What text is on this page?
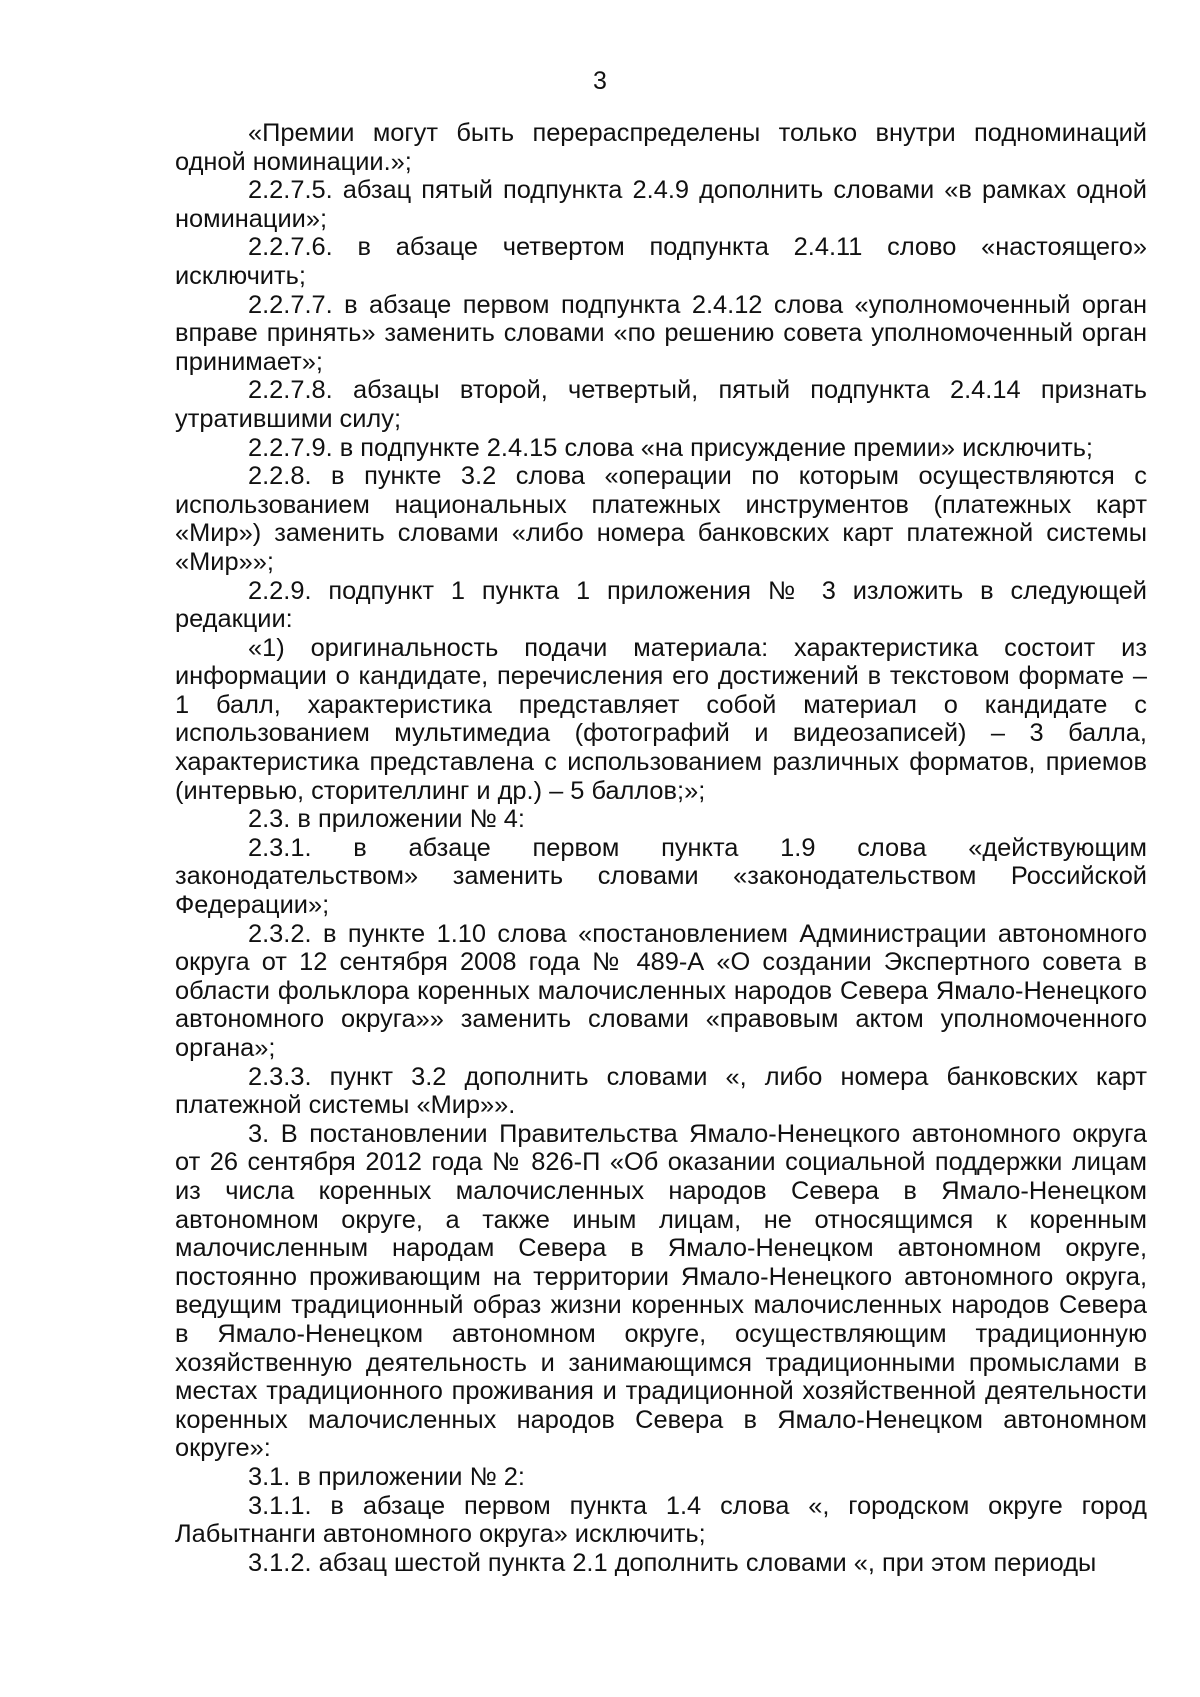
3

«Премии могут быть перераспределены только внутри подноминаций одной номинации.»;

2.2.7.5. абзац пятый подпункта 2.4.9 дополнить словами «в рамках одной номинации»;

2.2.7.6. в абзаце четвертом подпункта 2.4.11 слово «настоящего» исключить;

2.2.7.7. в абзаце первом подпункта 2.4.12 слова «уполномоченный орган вправе принять» заменить словами «по решению совета уполномоченный орган принимает»;

2.2.7.8. абзацы второй, четвертый, пятый подпункта 2.4.14 признать утратившими силу;

2.2.7.9. в подпункте 2.4.15 слова «на присуждение премии» исключить;

2.2.8. в пункте 3.2 слова «операции по которым осуществляются с использованием национальных платежных инструментов (платежных карт «Мир») заменить словами «либо номера банковских карт платежной системы «Мир»»;

2.2.9. подпункт 1 пункта 1 приложения № 3 изложить в следующей редакции:

«1) оригинальность подачи материала: характеристика состоит из информации о кандидате, перечисления его достижений в текстовом формате – 1 балл, характеристика представляет собой материал о кандидате с использованием мультимедиа (фотографий и видеозаписей) – 3 балла, характеристика представлена с использованием различных форматов, приемов (интервью, сторителлинг и др.) – 5 баллов;»;

2.3. в приложении № 4:

2.3.1. в абзаце первом пункта 1.9 слова «действующим законодательством» заменить словами «законодательством Российской Федерации»;

2.3.2. в пункте 1.10 слова «постановлением Администрации автономного округа от 12 сентября 2008 года № 489-А «О создании Экспертного совета в области фольклора коренных малочисленных народов Севера Ямало-Ненецкого автономного округа»» заменить словами «правовым актом уполномоченного органа»;

2.3.3. пункт 3.2 дополнить словами «, либо номера банковских карт платежной системы «Мир»».

3. В постановлении Правительства Ямало-Ненецкого автономного округа от 26 сентября 2012 года № 826-П «Об оказании социальной поддержки лицам из числа коренных малочисленных народов Севера в Ямало-Ненецком автономном округе, а также иным лицам, не относящимся к коренным малочисленным народам Севера в Ямало-Ненецком автономном округе, постоянно проживающим на территории Ямало-Ненецкого автономного округа, ведущим традиционный образ жизни коренных малочисленных народов Севера в Ямало-Ненецком автономном округе, осуществляющим традиционную хозяйственную деятельность и занимающимся традиционными промыслами в местах традиционного проживания и традиционной хозяйственной деятельности коренных малочисленных народов Севера в Ямало-Ненецком автономном округе»:

3.1. в приложении № 2:

3.1.1. в абзаце первом пункта 1.4 слова «, городском округе город Лабытнанги автономного округа» исключить;

3.1.2. абзац шестой пункта 2.1 дополнить словами «, при этом периоды
